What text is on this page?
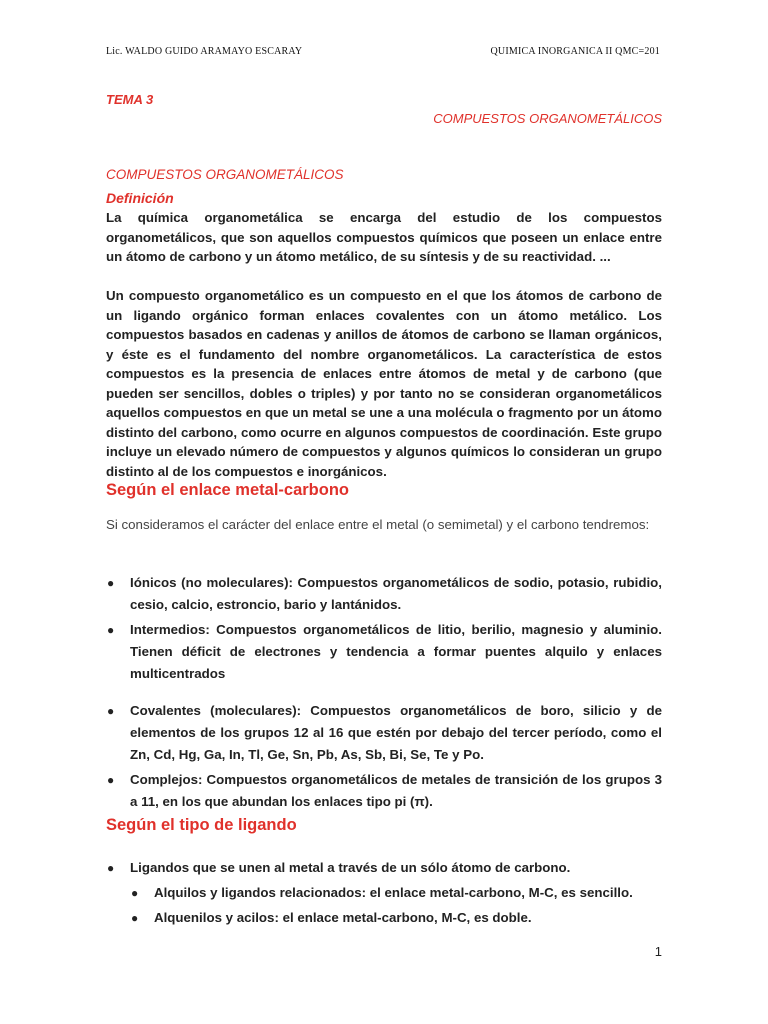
Lic. WALDO GUIDO ARAMAYO ESCARAY	QUIMICA INORGANICA II QMC=201
TEMA 3
COMPUESTOS ORGANOMETÁLICOS
COMPUESTOS ORGANOMETÁLICOS
Definición

La química organometálica se encarga del estudio de los compuestos organometálicos, que son aquellos compuestos químicos que poseen un enlace entre un átomo de carbono y un átomo metálico, de su síntesis y de su reactividad. ...

Un compuesto organometálico es un compuesto en el que los átomos de carbono de un ligando orgánico forman enlaces covalentes con un átomo metálico. Los compuestos basados en cadenas y anillos de átomos de carbono se llaman orgánicos, y éste es el fundamento del nombre organometálicos. La característica de estos compuestos es la presencia de enlaces entre átomos de metal y de carbono (que pueden ser sencillos, dobles o triples) y por tanto no se consideran organometálicos aquellos compuestos en que un metal se une a una molécula o fragmento por un átomo distinto del carbono, como ocurre en algunos compuestos de coordinación. Este grupo incluye un elevado número de compuestos y algunos químicos lo consideran un grupo distinto al de los compuestos e inorgánicos.

Según el enlace metal-carbono

Si consideramos el carácter del enlace entre el metal (o semimetal) y el carbono tendremos:

● Iónicos (no moleculares): Compuestos organometálicos de sodio, potasio, rubidio, cesio, calcio, estroncio, bario y lantánidos.
● Intermedios: Compuestos organometálicos de litio, berilio, magnesio y aluminio. Tienen déficit de electrones y tendencia a formar puentes alquilo y enlaces multicentrados
● Covalentes (moleculares): Compuestos organometálicos de boro, silicio y de elementos de los grupos 12 al 16 que estén por debajo del tercer período, como el Zn, Cd, Hg, Ga, In, Tl, Ge, Sn, Pb, As, Sb, Bi, Se, Te y Po.
● Complejos: Compuestos organometálicos de metales de transición de los grupos 3 a 11, en los que abundan los enlaces tipo pi (π).
Según el tipo de ligando
● Ligandos que se unen al metal a través de un sólo átomo de carbono.
● Alquilos y ligandos relacionados: el enlace metal-carbono, M-C, es sencillo.
● Alquenilos y acilos: el enlace metal-carbono, M-C, es doble.
1
